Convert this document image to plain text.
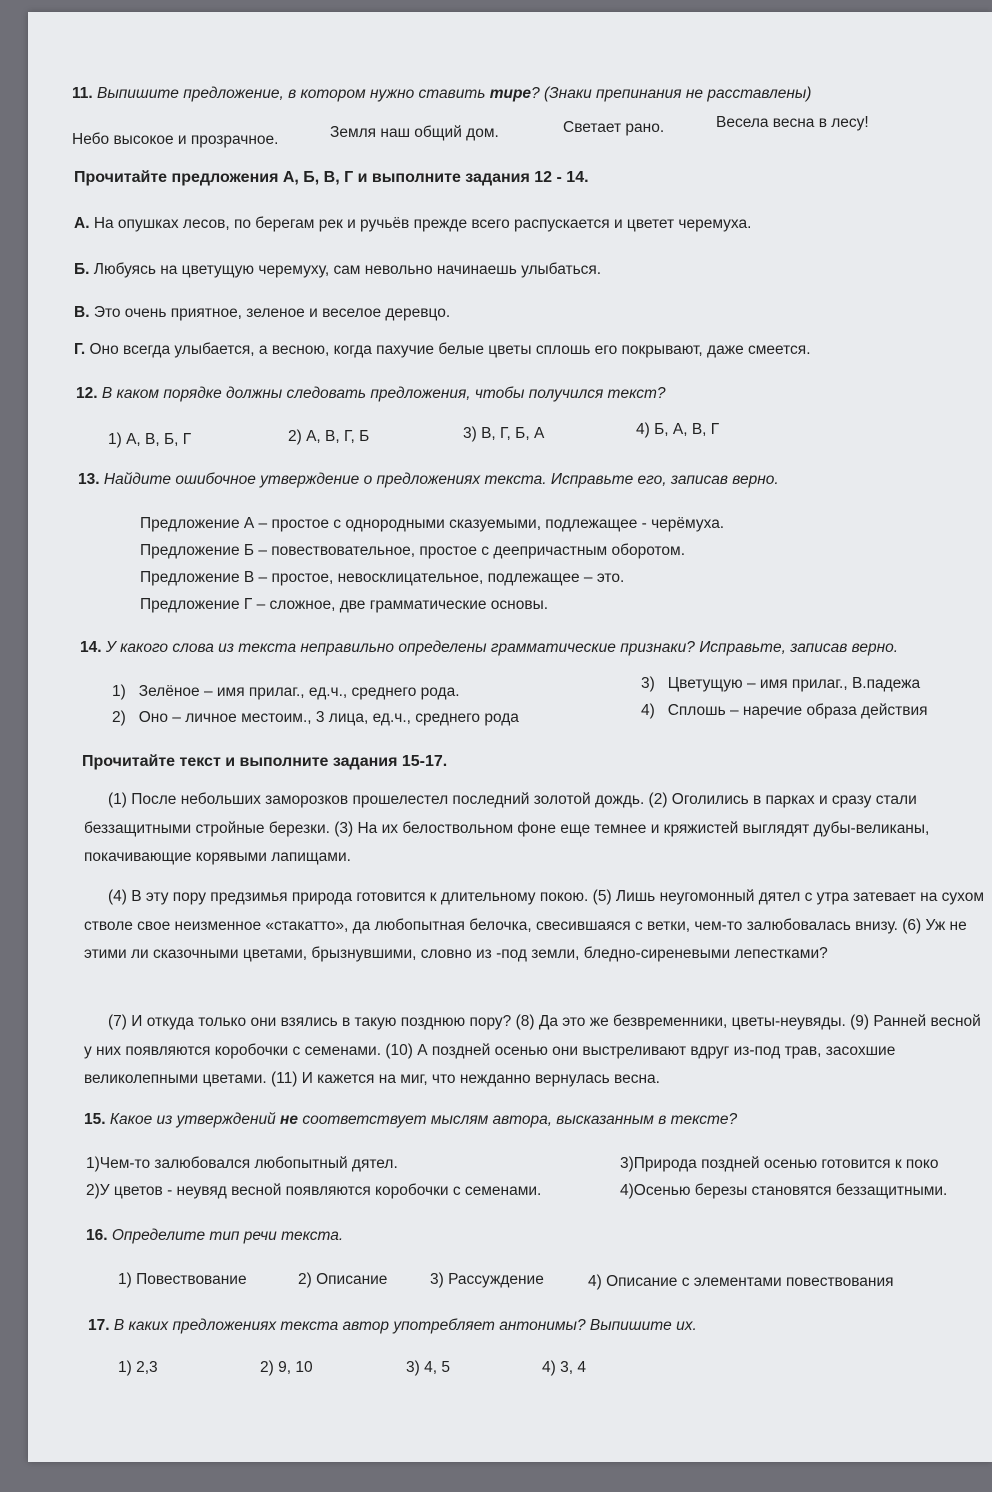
11. Выпишите предложение, в котором нужно ставить тире? (Знаки препинания не расставлены)
Небо высокое и прозрачное.	Земля наш общий дом.	Светает рано.	Весела весна в лесу!
Прочитайте предложения А, Б, В, Г и выполните задания 12 - 14.
А. На опушках лесов, по берегам рек и ручьёв прежде всего распускается и цветет черемуха.
Б. Любуясь на цветущую черемуху, сам невольно начинаешь улыбаться.
В. Это очень приятное, зеленое и веселое деревцо.
Г. Оно всегда улыбается, а весною, когда пахучие белые цветы сплошь его покрывают, даже смеется.
12. В каком порядке должны следовать предложения, чтобы получился текст?
1) А, В, Б, Г	2) А, В, Г, Б	3) В, Г, Б, А	4) Б, А, В, Г
13. Найдите ошибочное утверждение о предложениях текста. Исправьте его, записав верно.
Предложение А – простое с однородными сказуемыми, подлежащее - черёмуха.
Предложение Б – повествовательное, простое с деепричастным оборотом.
Предложение В – простое, невосклицательное, подлежащее – это.
Предложение Г – сложное, две грамматические основы.
14. У какого слова из текста неправильно определены грамматические признаки? Исправьте, записав верно.
1) Зелёное – имя прилаг., ед.ч., среднего рода.
2) Оно – личное местоим., 3 лица, ед.ч., среднего рода
3) Цветущую – имя прилаг., В.падежа
4) Сплошь – наречие образа действия
Прочитайте текст и выполните задания 15-17.
(1) После небольших заморозков прошелестел последний золотой дождь. (2) Оголились в парках и сразу стали беззащитными стройные березки. (3) На их белоствольном фоне еще темнее и кряжистей выглядят дубы-великаны, покачивающие корявыми лапищами.
(4) В эту пору предзимья природа готовится к длительному покою. (5) Лишь неугомонный дятел с утра затевает на сухом стволе свое неизменное «стакатто», да любопытная белочка, свесившаяся с ветки, чем-то залюбовалась внизу. (6) Уж не этими ли сказочными цветами, брызнувшими, словно из -под земли, бледно-сиреневыми лепестками?
(7) И откуда только они взялись в такую позднюю пору? (8) Да это же безвременники, цветы-неувяды. (9) Ранней весной у них появляются коробочки с семенами. (10) А поздней осенью они выстреливают вдруг из-под трав, засохшие великолепными цветами. (11) И кажется на миг, что нежданно вернулась весна.
15. Какое из утверждений не соответствует мыслям автора, высказанным в тексте?
1)Чем-то залюбовался любопытный дятел.
2)У цветов - неувяд весной появляются коробочки с семенами.
3)Природа поздней осенью готовится к поко
4)Осенью березы становятся беззащитными.
16. Определите тип речи текста.
1) Повествование	2) Описание	3) Рассуждение	4) Описание с элементами повествования
17. В каких предложениях текста автор употребляет антонимы? Выпишите их.
1) 2,3	2) 9, 10	3) 4, 5	4) 3, 4
